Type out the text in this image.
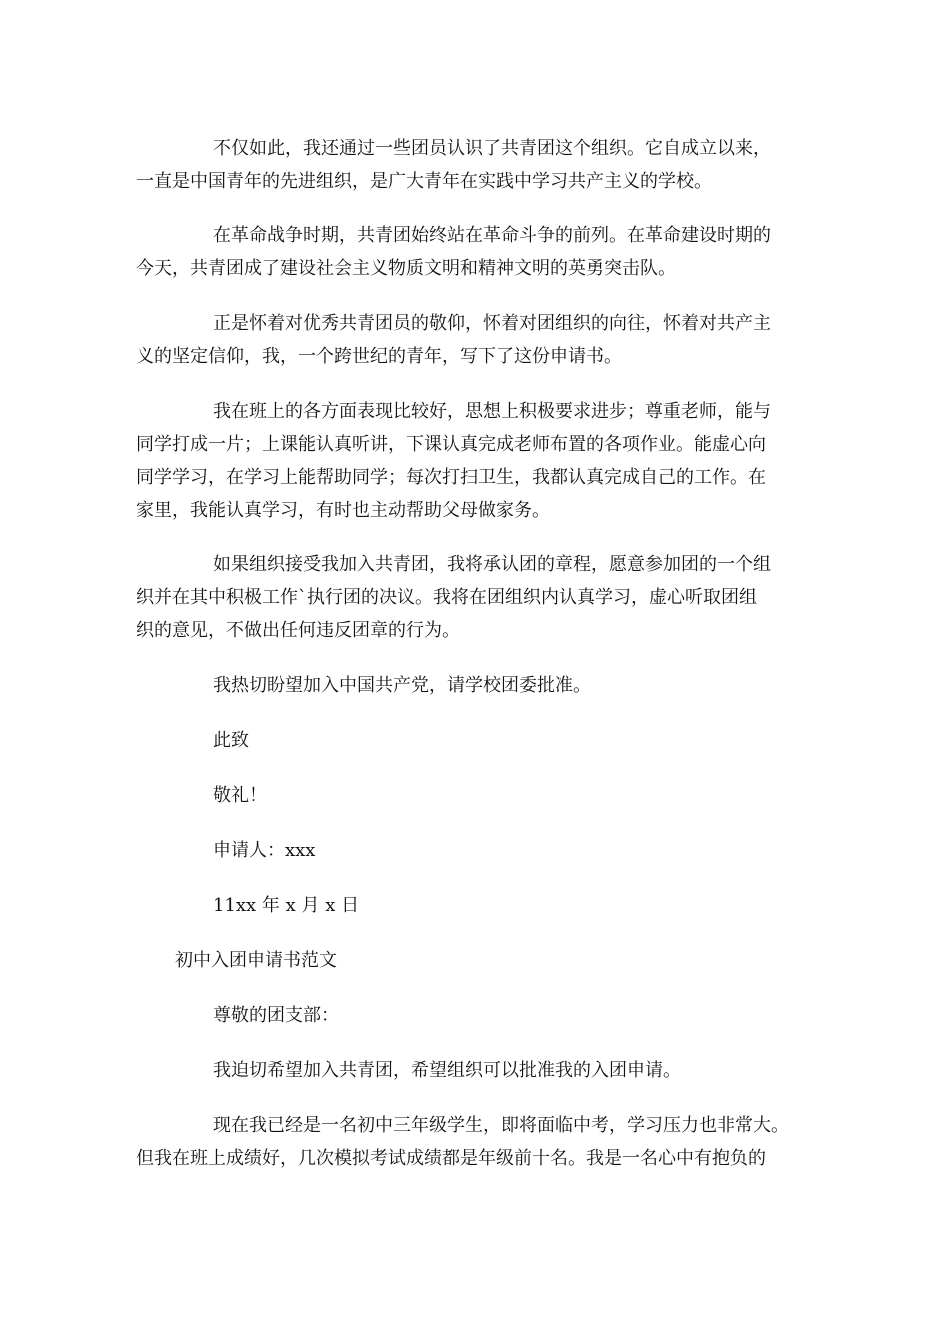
不仅如此，我还通过一些团员认识了共青团这个组织。它自成立以来，

一直是中国青年的先进组织，是广大青年在实践中学习共产主义的学校。

在革命战争时期，共青团始终站在革命斗争的前列。在革命建设时期的

今天，共青团成了建设社会主义物质文明和精神文明的英勇突击队。

正是怀着对优秀共青团员的敬仰，怀着对团组织的向往，怀着对共产主

义的坚定信仰，我，一个跨世纪的青年，写下了这份申请书。

我在班上的各方面表现比较好，思想上积极要求进步；尊重老师，能与

同学打成一片；上课能认真听讲，下课认真完成老师布置的各项作业。能虚心向

同学学习，在学习上能帮助同学；每次打扫卫生，我都认真完成自己的工作。在

家里，我能认真学习，有时也主动帮助父母做家务。

如果组织接受我加入共青团，我将承认团的章程，愿意参加团的一个组

织并在其中积极工作`执行团的决议。我将在团组织内认真学习，虚心听取团组

织的意见，不做出任何违反团章的行为。

我热切盼望加入中国共产党，请学校团委批准。

此致

敬礼！

申请人：xxx

11xx 年 x 月 x 日

初中入团申请书范文

尊敬的团支部：

我迫切希望加入共青团，希望组织可以批准我的入团申请。

现在我已经是一名初中三年级学生，即将面临中考，学习压力也非常大。

但我在班上成绩好，几次模拟考试成绩都是年级前十名。我是一名心中有抱负的
